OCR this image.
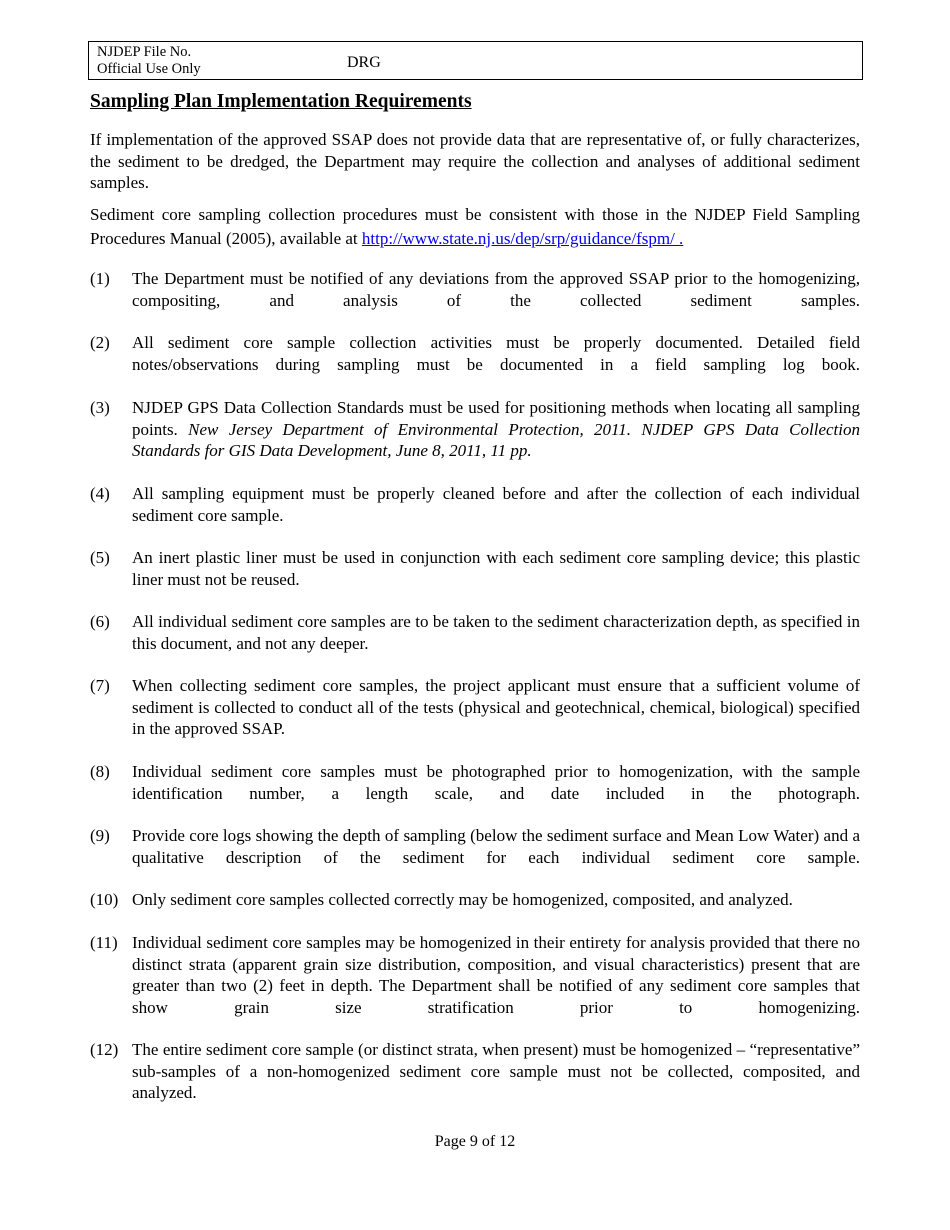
NJDEP File No.
Official Use Only	DRG
Sampling Plan Implementation Requirements

If implementation of the approved SSAP does not provide data that are representative of, or fully characterizes, the sediment to be dredged, the Department may require the collection and analyses of additional sediment samples.

Sediment core sampling collection procedures must be consistent with those in the NJDEP Field Sampling Procedures Manual (2005), available at http://www.state.nj.us/dep/srp/guidance/fspm/ .

(1) The Department must be notified of any deviations from the approved SSAP prior to the homogenizing, compositing, and analysis of the collected sediment samples.
(2) All sediment core sample collection activities must be properly documented. Detailed field notes/observations during sampling must be documented in a field sampling log book.
(3) NJDEP GPS Data Collection Standards must be used for positioning methods when locating all sampling points. New Jersey Department of Environmental Protection, 2011. NJDEP GPS Data Collection Standards for GIS Data Development, June 8, 2011, 11 pp.
(4) All sampling equipment must be properly cleaned before and after the collection of each individual sediment core sample.
(5) An inert plastic liner must be used in conjunction with each sediment core sampling device; this plastic liner must not be reused.
(6) All individual sediment core samples are to be taken to the sediment characterization depth, as specified in this document, and not any deeper.
(7) When collecting sediment core samples, the project applicant must ensure that a sufficient volume of sediment is collected to conduct all of the tests (physical and geotechnical, chemical, biological) specified in the approved SSAP.
(8) Individual sediment core samples must be photographed prior to homogenization, with the sample identification number, a length scale, and date included in the photograph.
(9) Provide core logs showing the depth of sampling (below the sediment surface and Mean Low Water) and a qualitative description of the sediment for each individual sediment core sample.
(10) Only sediment core samples collected correctly may be homogenized, composited, and analyzed.
(11) Individual sediment core samples may be homogenized in their entirety for analysis provided that there no distinct strata (apparent grain size distribution, composition, and visual characteristics) present that are greater than two (2) feet in depth. The Department shall be notified of any sediment core samples that show grain size stratification prior to homogenizing.
(12) The entire sediment core sample (or distinct strata, when present) must be homogenized – “representative” sub-samples of a non-homogenized sediment core sample must not be collected, composited, and analyzed.
Page 9 of 12
